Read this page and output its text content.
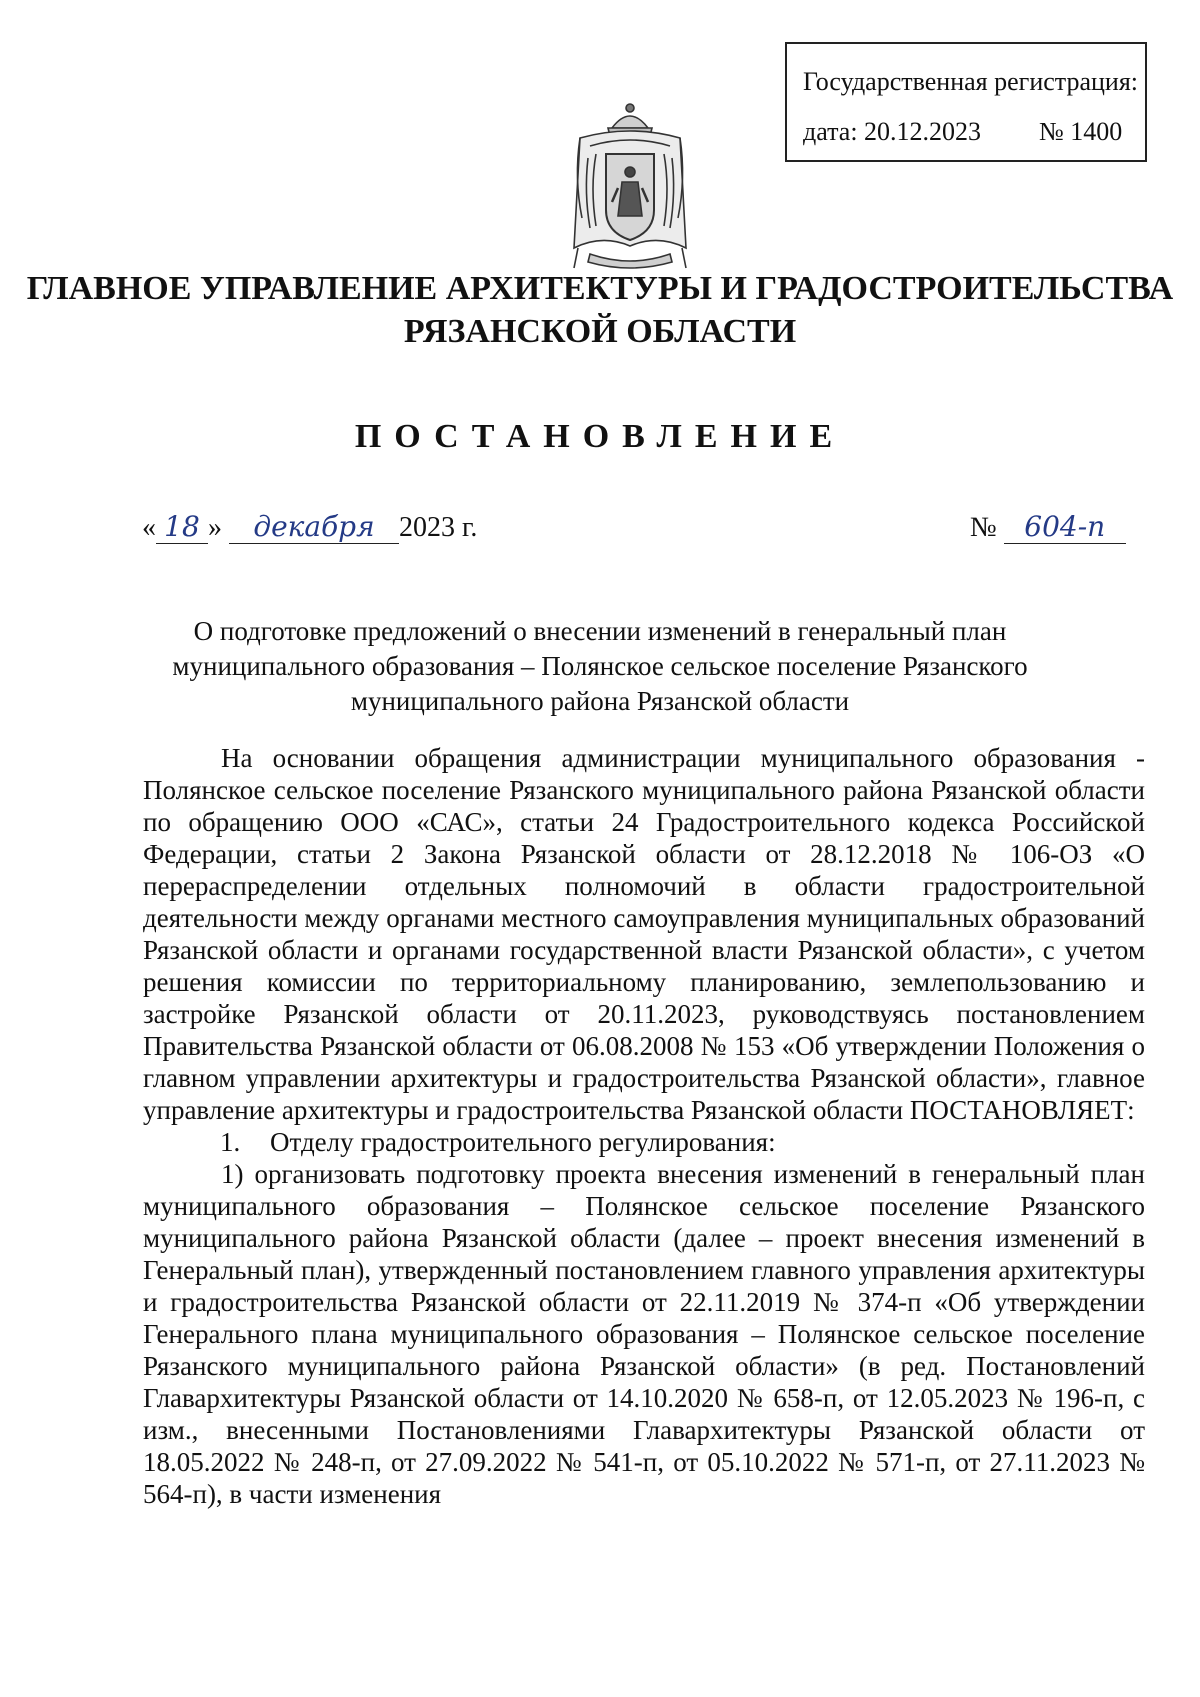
Государственная регистрация:
дата: 20.12.2023 № 1400
ГЛАВНОЕ УПРАВЛЕНИЕ АРХИТЕКТУРЫ И ГРАДОСТРОИТЕЛЬСТВА
РЯЗАНСКОЙ ОБЛАСТИ
ПОСТАНОВЛЕНИЕ
« 18 » декабря 2023 г.	№ 604-п
О подготовке предложений о внесении изменений в генеральный план
муниципального образования – Полянское сельское поселение Рязанского
муниципального района Рязанской области

На основании обращения администрации муниципального образования - Полянское сельское поселение Рязанского муниципального района Рязанской области по обращению ООО «САС», статьи 24 Градостроительного кодекса Российской Федерации, статьи 2 Закона Рязанской области от 28.12.2018 № 106-ОЗ «О перераспределении отдельных полномочий в области градостроительной деятельности между органами местного самоуправления муниципальных образований Рязанской области и органами государственной власти Рязанской области», с учетом решения комиссии по территориальному планированию, землепользованию и застройке Рязанской области от 20.11.2023, руководствуясь постановлением Правительства Рязанской области от 06.08.2008 № 153 «Об утверждении Положения о главном управлении архитектуры и градостроительства Рязанской области», главное управление архитектуры и градостроительства Рязанской области ПОСТАНОВЛЯЕТ:

1. Отделу градостроительного регулирования:

1) организовать подготовку проекта внесения изменений в генеральный план муниципального образования – Полянское сельское поселение Рязанского муниципального района Рязанской области (далее – проект внесения изменений в Генеральный план), утвержденный постановлением главного управления архитектуры и градостроительства Рязанской области от 22.11.2019 № 374-п «Об утверждении Генерального плана муниципального образования – Полянское сельское поселение Рязанского муниципального района Рязанской области» (в ред. Постановлений Главархитектуры Рязанской области от 14.10.2020 № 658-п, от 12.05.2023 № 196-п, с изм., внесенными Постановлениями Главархитектуры Рязанской области от 18.05.2022 № 248-п, от 27.09.2022 № 541-п, от 05.10.2022 № 571-п, от 27.11.2023 № 564-п), в части изменения
